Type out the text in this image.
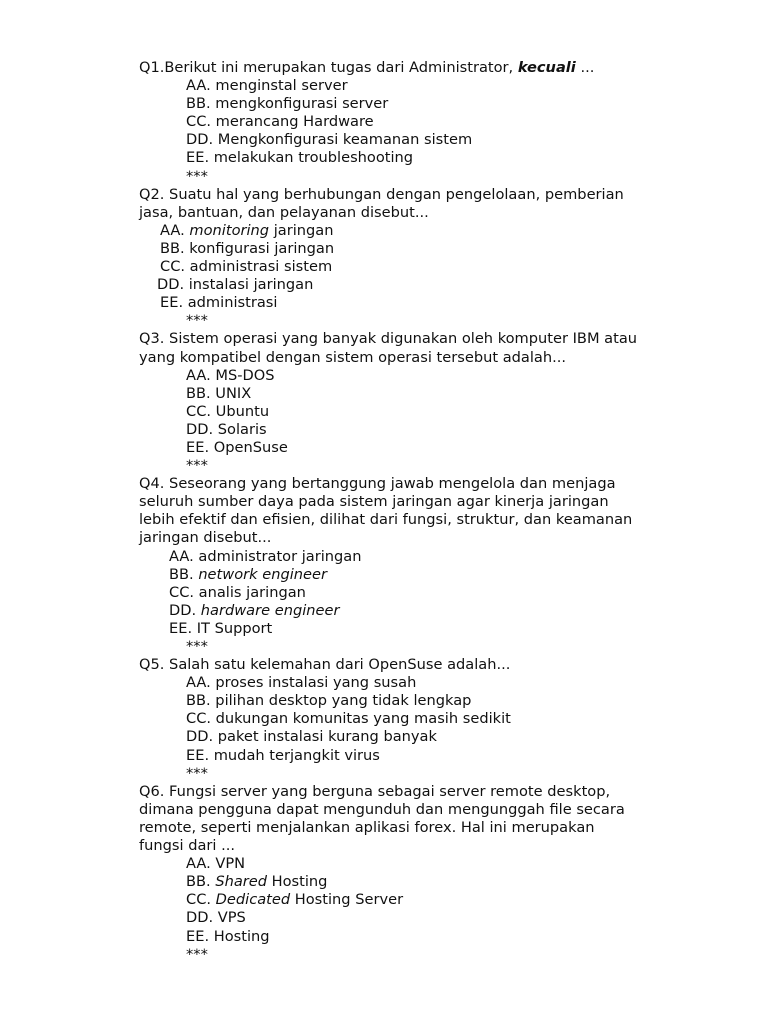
Q1.Berikut ini merupakan tugas dari Administrator, kecuali ...
AA. menginstal server
BB. mengkonfigurasi server
CC. merancang Hardware
DD. Mengkonfigurasi keamanan sistem
EE. melakukan troubleshooting
***
Q2. Suatu hal yang berhubungan dengan pengelolaan, pemberian
jasa, bantuan, dan pelayanan disebut...
AA. monitoring jaringan
BB. konfigurasi jaringan
CC. administrasi sistem
DD. instalasi jaringan
EE. administrasi
***
Q3. Sistem operasi yang banyak digunakan oleh komputer IBM atau
yang kompatibel dengan sistem operasi tersebut adalah...
AA. MS-DOS
BB. UNIX
CC. Ubuntu
DD. Solaris
EE. OpenSuse
***
Q4. Seseorang yang bertanggung jawab mengelola dan menjaga
seluruh sumber daya pada sistem jaringan agar kinerja jaringan
lebih efektif dan efisien, dilihat dari fungsi, struktur, dan keamanan
jaringan disebut...
AA. administrator jaringan
BB. network engineer
CC. analis jaringan
DD. hardware engineer
EE. IT Support
***
Q5. Salah satu kelemahan dari OpenSuse adalah...
AA. proses instalasi yang susah
BB. pilihan desktop yang tidak lengkap
CC. dukungan komunitas yang masih sedikit
DD. paket instalasi kurang banyak
EE. mudah terjangkit virus
***
Q6. Fungsi server yang berguna sebagai server remote desktop,
dimana pengguna dapat mengunduh dan mengunggah file secara
remote, seperti menjalankan aplikasi forex. Hal ini merupakan
fungsi dari ...
AA. VPN
BB. Shared Hosting
CC. Dedicated Hosting Server
DD. VPS
EE. Hosting
***
